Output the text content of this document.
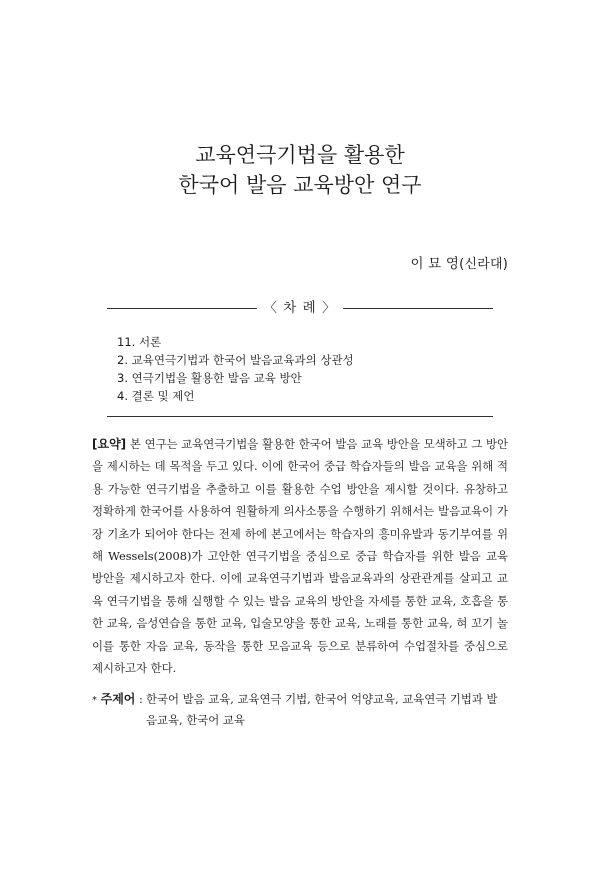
교육연극기법을 활용한
한국어 발음 교육방안 연구
이 묘 영(신라대)
〈 차 례 〉
11. 서론
2. 교육연극기법과 한국어 발음교육과의 상관성
3. 연극기법을 활용한 발음 교육 방안
4. 결론 및 제언

[요약] 본 연구는 교육연극기법을 활용한 한국어 발음 교육 방안을 모색하고 그 방안을 제시하는 데 목적을 두고 있다. 이에 한국어 중급 학습자들의 발음 교육을 위해 적용 가능한 연극기법을 추출하고 이를 활용한 수업 방안을 제시할 것이다. 유창하고 정확하게 한국어를 사용하여 원활하게 의사소통을 수행하기 위해서는 발음교육이 가장 기초가 되어야 한다는 전제 하에 본고에서는 학습자의 흥미유발과 동기부여를 위해 Wessels(2008)가 고안한 연극기법을 중심으로 중급 학습자를 위한 발음 교육 방안을 제시하고자 한다. 이에 교육연극기법과 발음교육과의 상관관계를 살피고 교육 연극기법을 통해 실행할 수 있는 발음 교육의 방안을 자세를 통한 교육, 호흡을 통한 교육, 음성연습을 통한 교육, 입술모양을 통한 교육, 노래를 통한 교육, 혀 꼬기 놀이를 통한 자음 교육, 동작을 통한 모음교육 등으로 분류하여 수업절차를 중심으로 제시하고자 한다.

* 주제어 : 한국어 발음 교육, 교육연극 기법, 한국어 억양교육, 교육연극 기법과 발음교육, 한국어 교육
